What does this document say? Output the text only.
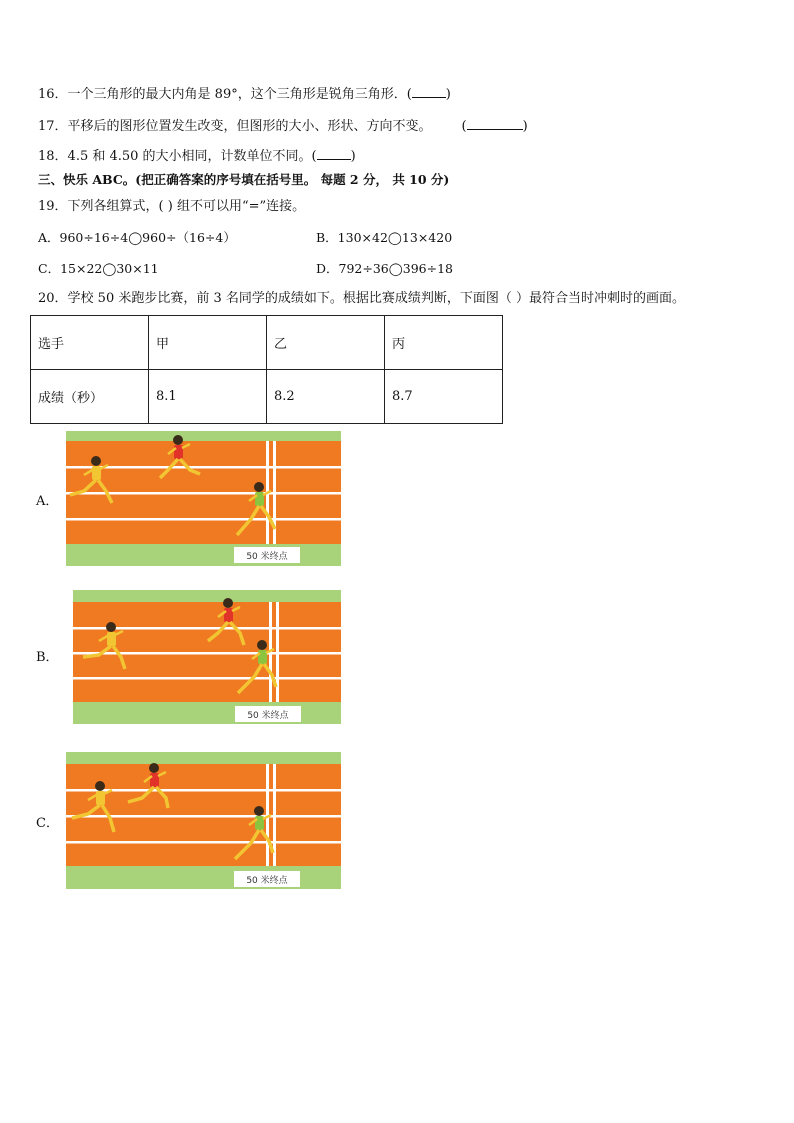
16．一个三角形的最大内角是 89°，这个三角形是锐角三角形．(	)
17．平移后的图形位置发生改变，但图形的大小、形状、方向不变。 (	)
18．4.5 和 4.50 的大小相同，计数单位不同。(	)
三、快乐 ABC。(把正确答案的序号填在括号里。 每题 2 分， 共 10 分)
19．下列各组算式，( ) 组不可以用“=”连接。
A．960÷16÷4◯960÷（16÷4）	B．130×42◯13×420
C．15×22◯30×11	D．792÷36◯396÷18
20．学校 50 米跑步比赛，前 3 名同学的成绩如下。根据比赛成绩判断，下面图（ ）最符合当时冲刺时的画面。
选手	甲	乙	丙
成绩（秒）	8.1	8.2	8.7
A．
B．
C．
50 米终点
50 米终点
50 米终点
